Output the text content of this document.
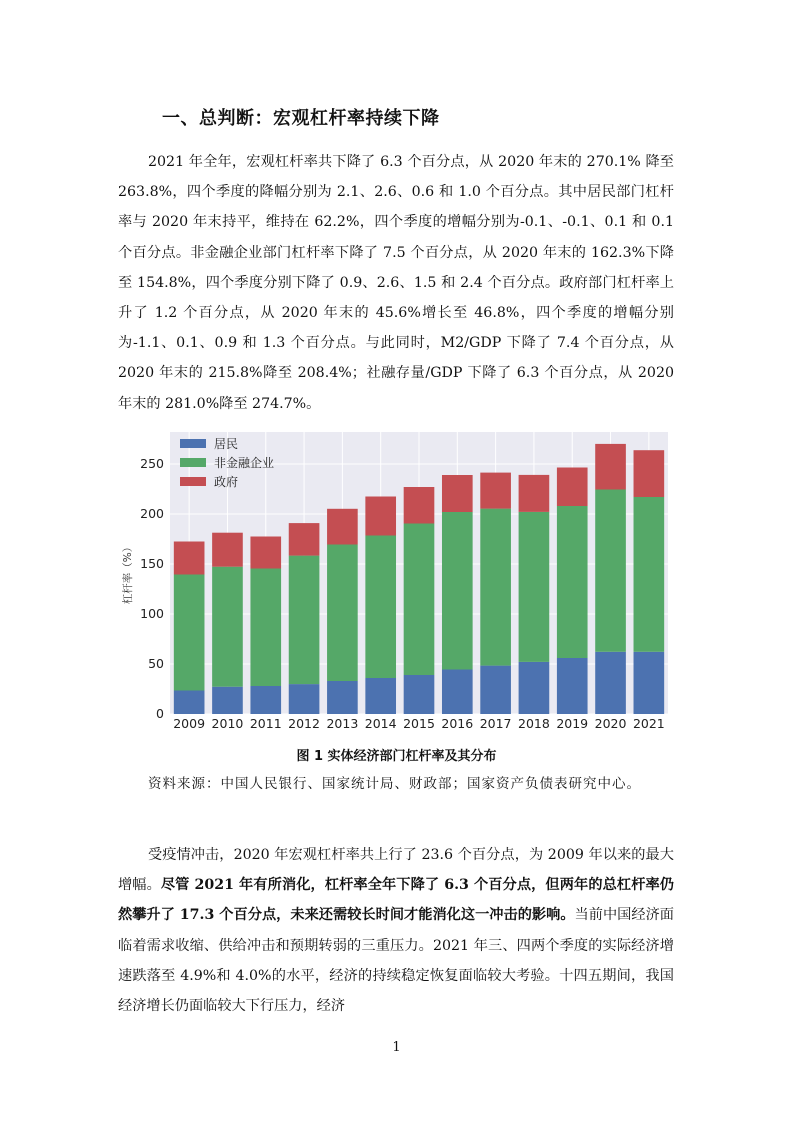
一、总判断：宏观杠杆率持续下降

2021 年全年，宏观杠杆率共下降了 6.3 个百分点，从 2020 年末的 270.1% 降至 263.8%，四个季度的降幅分别为 2.1、2.6、0.6 和 1.0 个百分点。其中居民部门杠杆率与 2020 年末持平，维持在 62.2%，四个季度的增幅分别为-0.1、-0.1、0.1 和 0.1 个百分点。非金融企业部门杠杆率下降了 7.5 个百分点，从 2020 年末的 162.3%下降至 154.8%，四个季度分别下降了 0.9、2.6、1.5 和 2.4 个百分点。政府部门杠杆率上升了 1.2 个百分点，从 2020 年末的 45.6%增长至 46.8%，四个季度的增幅分别为-1.1、0.1、0.9 和 1.3 个百分点。与此同时，M2/GDP 下降了 7.4 个百分点，从 2020 年末的 215.8%降至 208.4%；社融存量/GDP 下降了 6.3 个百分点，从 2020 年末的 281.0%降至 274.7%。

0
50
100
150
200
250
2009 2010 2011 2012 2013 2014 2015 2016 2017 2018 2019 2020 2021
杠杆率（%）
居民
非金融企业
政府
图 1 实体经济部门杠杆率及其分布

资料来源：中国人民银行、国家统计局、财政部；国家资产负债表研究中心。

受疫情冲击，2020 年宏观杠杆率共上行了 23.6 个百分点，为 2009 年以来的最大增幅。尽管 2021 年有所消化，杠杆率全年下降了 6.3 个百分点，但两年的总杠杆率仍然攀升了 17.3 个百分点，未来还需较长时间才能消化这一冲击的影响。当前中国经济面临着需求收缩、供给冲击和预期转弱的三重压力。2021 年三、四两个季度的实际经济增速跌落至 4.9%和 4.0%的水平，经济的持续稳定恢复面临较大考验。十四五期间，我国经济增长仍面临较大下行压力，经济

1
